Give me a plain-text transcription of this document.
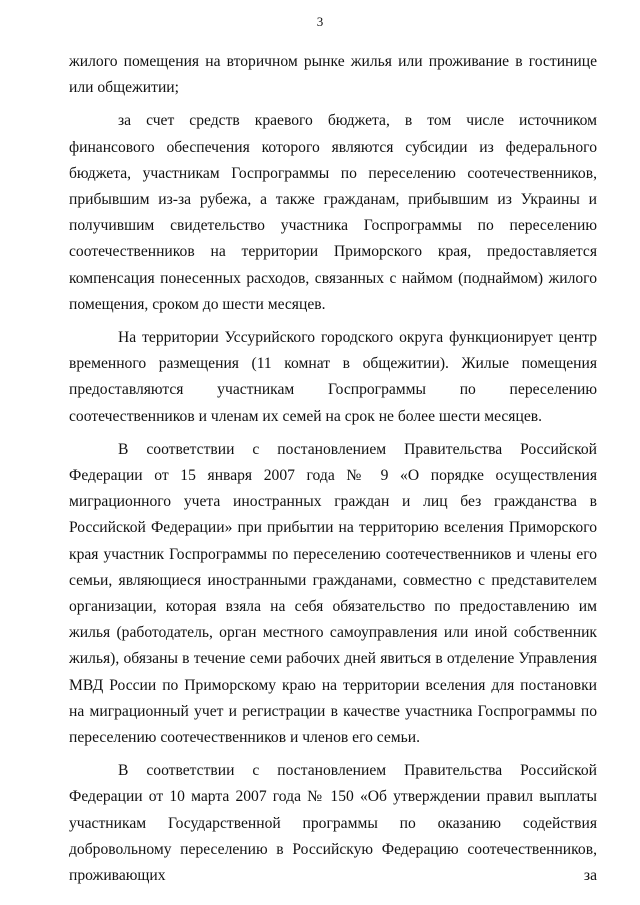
3

жилого помещения на вторичном рынке жилья или проживание в гостинице или общежитии;

за счет средств краевого бюджета, в том числе источником финансового обеспечения которого являются субсидии из федерального бюджета, участникам Госпрограммы по переселению соотечественников, прибывшим из-за рубежа, а также гражданам, прибывшим из Украины и получившим свидетельство участника Госпрограммы по переселению соотечественников на территории Приморского края, предоставляется компенсация понесенных расходов, связанных с наймом (поднаймом) жилого помещения, сроком до шести месяцев.

На территории Уссурийского городского округа функционирует центр временного размещения (11 комнат в общежитии). Жилые помещения предоставляются участникам Госпрограммы по переселению соотечественников и членам их семей на срок не более шести месяцев.

В соответствии с постановлением Правительства Российской Федерации от 15 января 2007 года № 9 «О порядке осуществления миграционного учета иностранных граждан и лиц без гражданства в Российской Федерации» при прибытии на территорию вселения Приморского края участник Госпрограммы по переселению соотечественников и члены его семьи, являющиеся иностранными гражданами, совместно с представителем организации, которая взяла на себя обязательство по предоставлению им жилья (работодатель, орган местного самоуправления или иной собственник жилья), обязаны в течение семи рабочих дней явиться в отделение Управления МВД России по Приморскому краю на территории вселения для постановки на миграционный учет и регистрации в качестве участника Госпрограммы по переселению соотечественников и членов его семьи.

В соответствии с постановлением Правительства Российской Федерации от 10 марта 2007 года № 150 «Об утверждении правил выплаты участникам Государственной программы по оказанию содействия добровольному переселению в Российскую Федерацию соотечественников, проживающих за
